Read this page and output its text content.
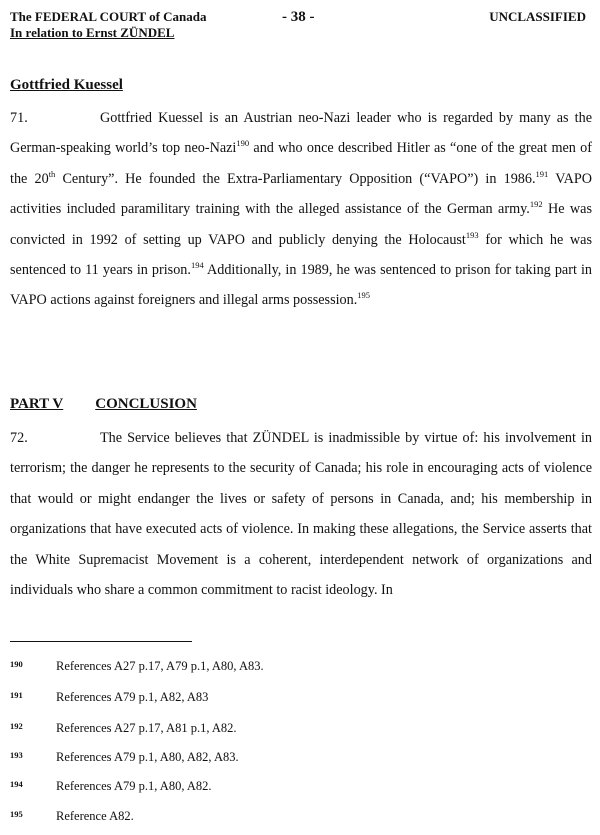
The FEDERAL COURT of Canada
In relation to Ernst ZÜNDEL
- 38 -	UNCLASSIFIED
Gottfried Kuessel
71.	Gottfried Kuessel is an Austrian neo-Nazi leader who is regarded by many as the German-speaking world’s top neo-Nazi$^{190}$ and who once described Hitler as “one of the great men of the 20th Century”. He founded the Extra-Parliamentary Opposition (“VAPO”) in 1986.$^{191}$ VAPO activities included paramilitary training with the alleged assistance of the German army.$^{192}$ He was convicted in 1992 of setting up VAPO and publicly denying the Holocaust$^{193}$ for which he was sentenced to 11 years in prison.$^{194}$ Additionally, in 1989, he was sentenced to prison for taking part in VAPO actions against foreigners and illegal arms possession.$^{195}$
PART V CONCLUSION
72.	The Service believes that ZÜNDEL is inadmissible by virtue of: his involvement in terrorism; the danger he represents to the security of Canada; his role in encouraging acts of violence that would or might endanger the lives or safety of persons in Canada, and; his membership in organizations that have executed acts of violence. In making these allegations, the Service asserts that the White Supremacist Movement is a coherent, interdependent network of organizations and individuals who share a common commitment to racist ideology. In
190	References A27 p.17, A79 p.1, A80, A83.
191	References A79 p.1, A82, A83
192	References A27 p.17, A81 p.1, A82.
193	References A79 p.1, A80, A82, A83.
194	References A79 p.1, A80, A82.
195	Reference A82.
